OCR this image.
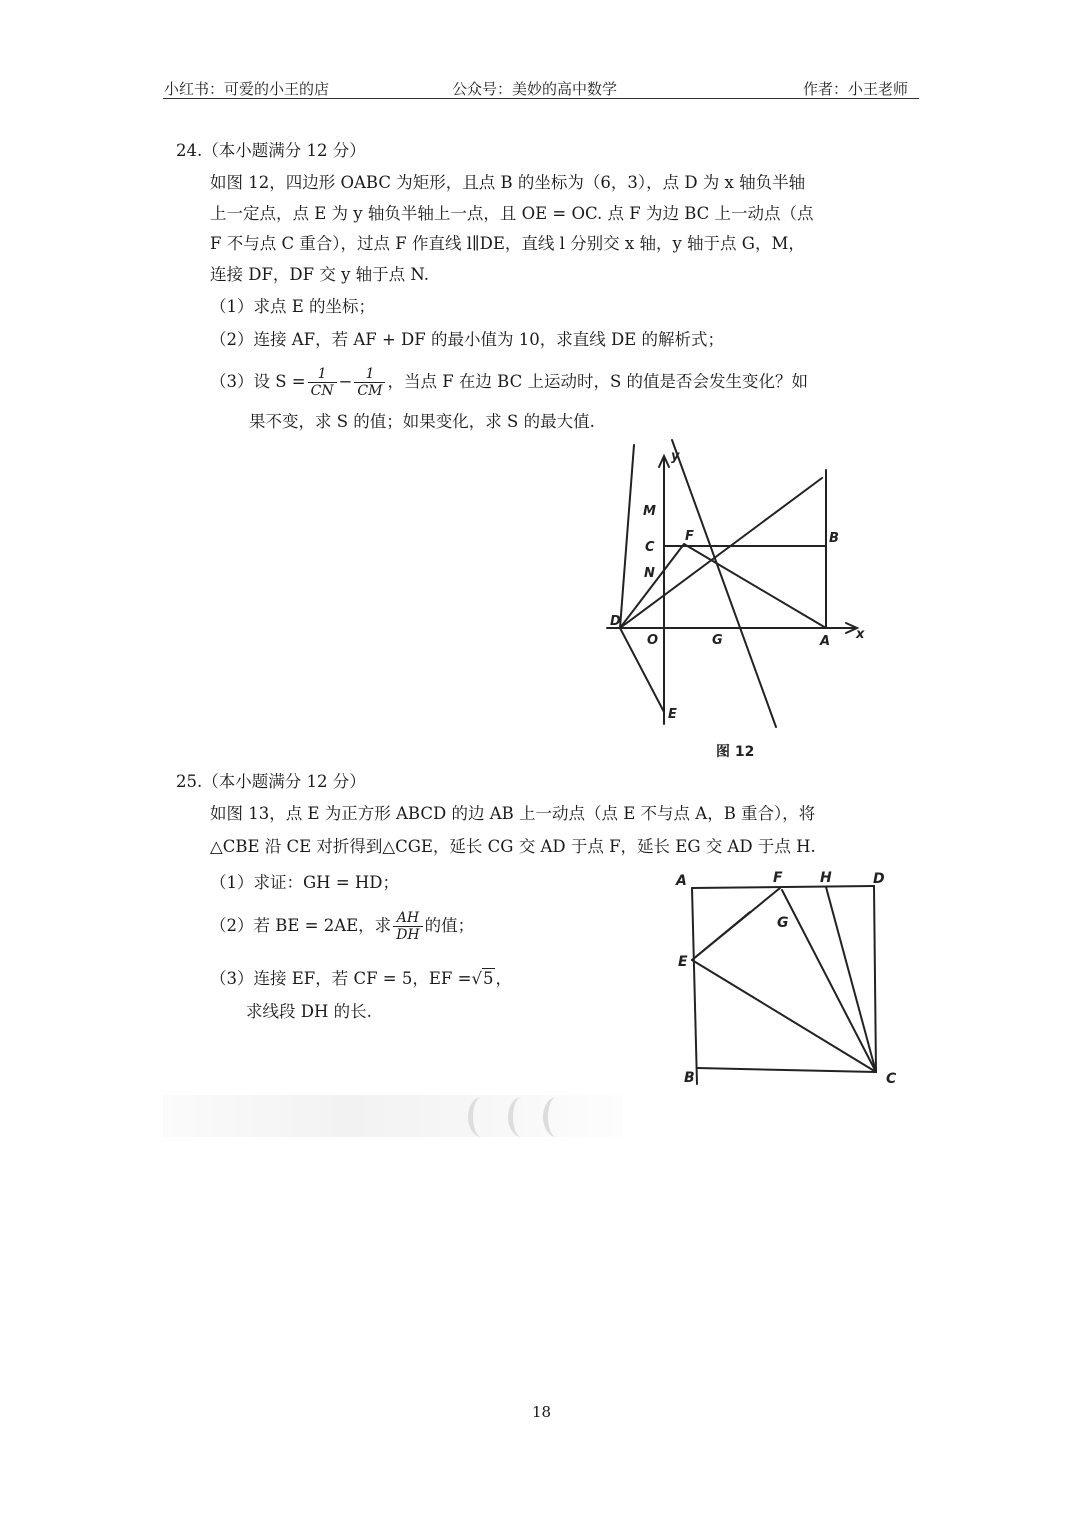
小红书：可爱的小王的店	公众号：美妙的高中数学	作者：小王老师
24.（本小题满分 12 分）
如图 12，四边形 OABC 为矩形，且点 B 的坐标为（6，3），点 D 为 x 轴负半轴
上一定点，点 E 为 y 轴负半轴上一点，且 OE = OC. 点 F 为边 BC 上一动点（点
F 不与点 C 重合），过点 F 作直线 l∥DE，直线 l 分别交 x 轴，y 轴于点 G，M，
连接 DF，DF 交 y 轴于点 N.
（1）求点 E 的坐标；
（2）连接 AF，若 AF + DF 的最小值为 10，求直线 DE 的解析式；
（3）设 $S = \frac{1}{CN} - \frac{1}{CM}$ ，当点 F 在边 BC 上运动时，S 的值是否会发生变化？如
果不变，求 S 的值；如果变化，求 S 的最大值.
y
M
F
C
B
N
D
O	G	A x
E
图 12
25.（本小题满分 12 分）
如图 13，点 E 为正方形 ABCD 的边 AB 上一动点（点 E 不与点 A，B 重合），将
△CBE 沿 CE 对折得到△CGE，延长 CG 交 AD 于点 F，延长 EG 交 AD 于点 H.
（1）求证：GH = HD；
（2）若 BE = 2AE，求 $\frac{AH}{DH}$ 的值；
（3）连接 EF，若 CF = 5，EF =√5 ，
求线段 DH 的长.
A	F	H	D
G
E
B	C
18
